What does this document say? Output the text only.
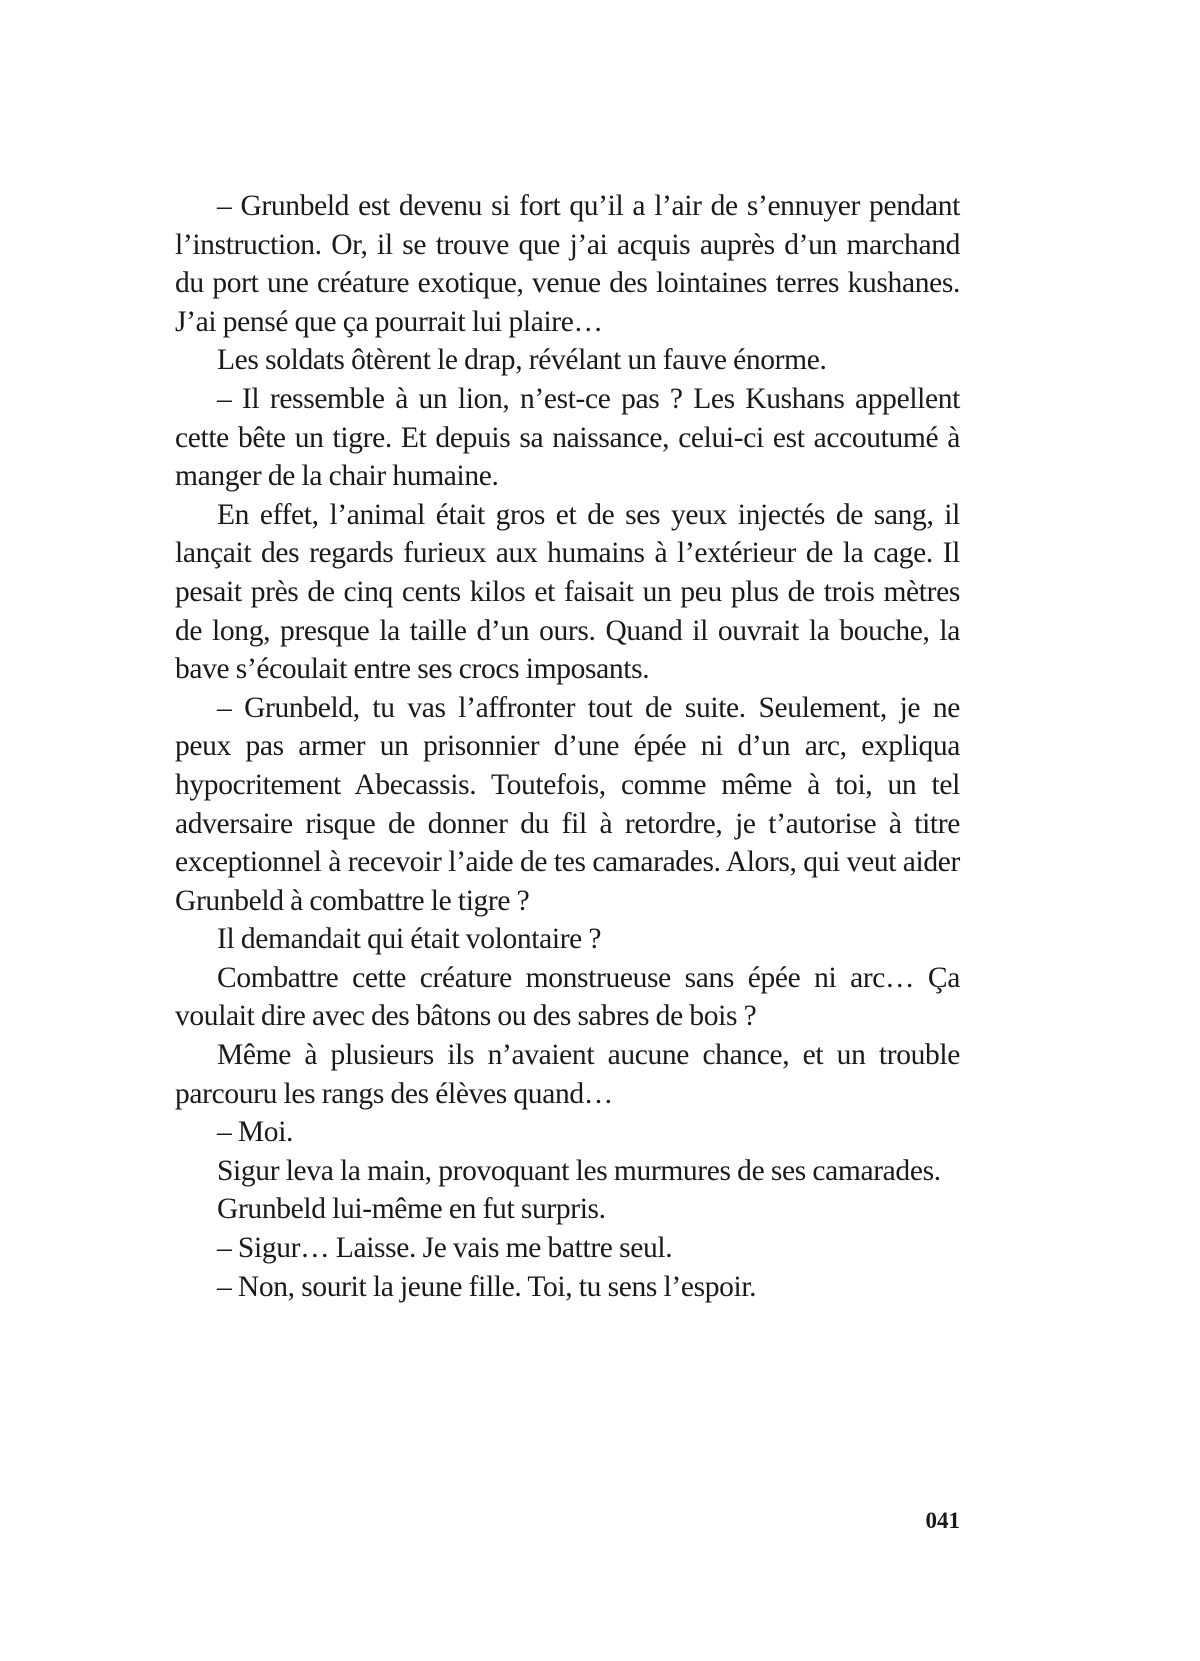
– Grunbeld est devenu si fort qu’il a l’air de s’ennuyer pendant l’instruction. Or, il se trouve que j’ai acquis auprès d’un marchand du port une créature exotique, venue des lointaines terres kushanes. J’ai pensé que ça pourrait lui plaire…

Les soldats ôtèrent le drap, révélant un fauve énorme.

– Il ressemble à un lion, n’est-ce pas ? Les Kushans appellent cette bête un tigre. Et depuis sa naissance, celui-ci est accoutumé à manger de la chair humaine.

En effet, l’animal était gros et de ses yeux injectés de sang, il lançait des regards furieux aux humains à l’extérieur de la cage. Il pesait près de cinq cents kilos et faisait un peu plus de trois mètres de long, presque la taille d’un ours. Quand il ouvrait la bouche, la bave s’écoulait entre ses crocs imposants.

– Grunbeld, tu vas l’affronter tout de suite. Seulement, je ne peux pas armer un prisonnier d’une épée ni d’un arc, expliqua hypocritement Abecassis. Toutefois, comme même à toi, un tel adversaire risque de donner du fil à retordre, je t’autorise à titre exceptionnel à recevoir l’aide de tes camarades. Alors, qui veut aider Grunbeld à combattre le tigre ?

Il demandait qui était volontaire ?

Combattre cette créature monstrueuse sans épée ni arc… Ça voulait dire avec des bâtons ou des sabres de bois ?

Même à plusieurs ils n’avaient aucune chance, et un trouble parcouru les rangs des élèves quand…

– Moi.

Sigur leva la main, provoquant les murmures de ses camarades.

Grunbeld lui-même en fut surpris.

– Sigur… Laisse. Je vais me battre seul.

– Non, sourit la jeune fille. Toi, tu sens l’espoir.

041
